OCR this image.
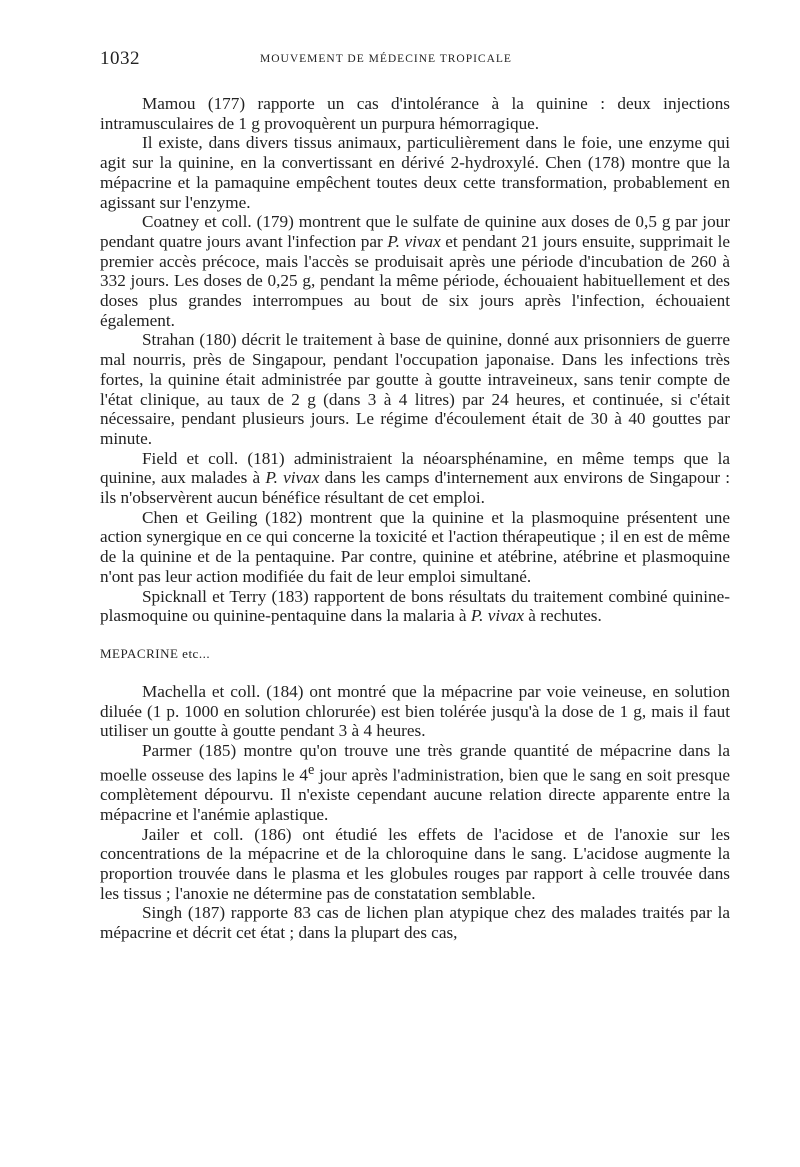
1032	MOUVEMENT DE MÉDECINE TROPICALE

Mamou (177) rapporte un cas d'intolérance à la quinine : deux injections intramusculaires de 1 g provoquèrent un purpura hémorragique.

Il existe, dans divers tissus animaux, particulièrement dans le foie, une enzyme qui agit sur la quinine, en la convertissant en dérivé 2-hydroxylé. Chen (178) montre que la mépacrine et la pamaquine empêchent toutes deux cette transformation, probablement en agissant sur l'enzyme.

Coatney et coll. (179) montrent que le sulfate de quinine aux doses de 0,5 g par jour pendant quatre jours avant l'infection par P. vivax et pendant 21 jours ensuite, supprimait le premier accès précoce, mais l'accès se produisait après une période d'incubation de 260 à 332 jours. Les doses de 0,25 g, pendant la même période, échouaient habituellement et des doses plus grandes interrompues au bout de six jours après l'infection, échouaient également.

Strahan (180) décrit le traitement à base de quinine, donné aux prisonniers de guerre mal nourris, près de Singapour, pendant l'occupation japonaise. Dans les infections très fortes, la quinine était administrée par goutte à goutte intraveineux, sans tenir compte de l'état clinique, au taux de 2 g (dans 3 à 4 litres) par 24 heures, et continuée, si c'était nécessaire, pendant plusieurs jours. Le régime d'écoulement était de 30 à 40 gouttes par minute.

Field et coll. (181) administraient la néoarsphénamine, en même temps que la quinine, aux malades à P. vivax dans les camps d'internement aux environs de Singapour : ils n'observèrent aucun bénéfice résultant de cet emploi.

Chen et Geiling (182) montrent que la quinine et la plasmoquine présentent une action synergique en ce qui concerne la toxicité et l'action thérapeutique ; il en est de même de la quinine et de la pentaquine. Par contre, quinine et atébrine, atébrine et plasmoquine n'ont pas leur action modifiée du fait de leur emploi simultané.

Spicknall et Terry (183) rapportent de bons résultats du traitement combiné quinine-plasmoquine ou quinine-pentaquine dans la malaria à P. vivax à rechutes.

MEPACRINE etc...

Machella et coll. (184) ont montré que la mépacrine par voie veineuse, en solution diluée (1 p. 1000 en solution chlorurée) est bien tolérée jusqu'à la dose de 1 g, mais il faut utiliser un goutte à goutte pendant 3 à 4 heures.

Parmer (185) montre qu'on trouve une très grande quantité de mépacrine dans la moelle osseuse des lapins le 4e jour après l'administration, bien que le sang en soit presque complètement dépourvu. Il n'existe cependant aucune relation directe apparente entre la mépacrine et l'anémie aplastique.

Jailer et coll. (186) ont étudié les effets de l'acidose et de l'anoxie sur les concentrations de la mépacrine et de la chloroquine dans le sang. L'acidose augmente la proportion trouvée dans le plasma et les globules rouges par rapport à celle trouvée dans les tissus ; l'anoxie ne détermine pas de constatation semblable.

Singh (187) rapporte 83 cas de lichen plan atypique chez des malades traités par la mépacrine et décrit cet état ; dans la plupart des cas,
